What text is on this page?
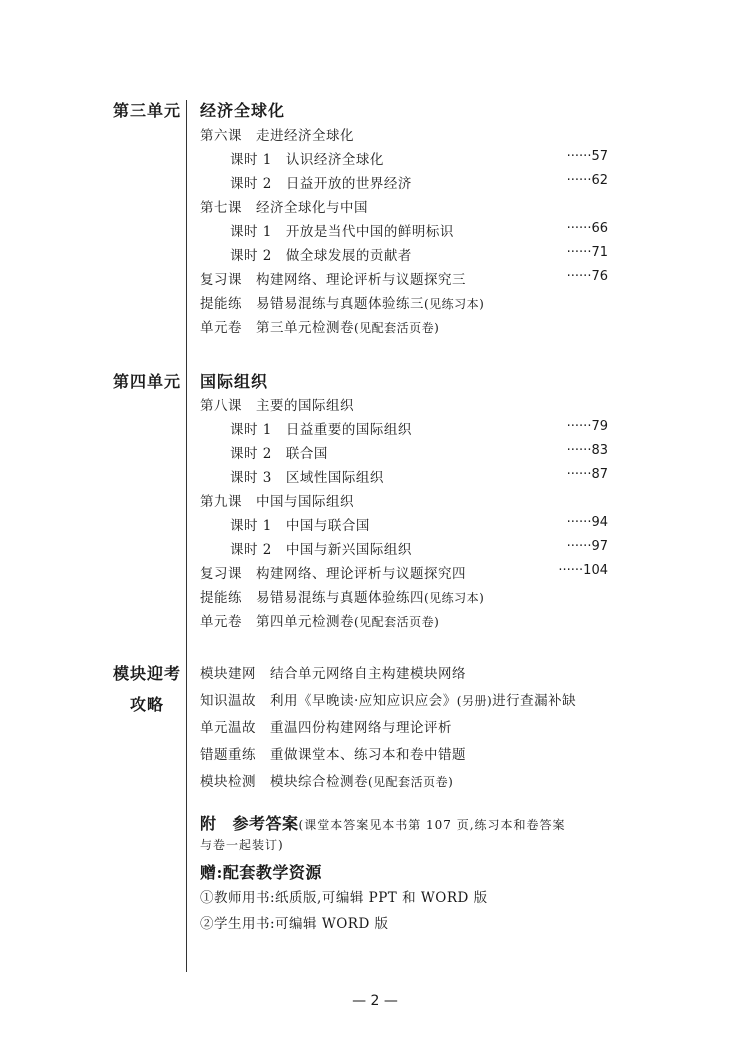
第三单元 经济全球化
第六课 走进经济全球化
课时 1 认识经济全球化	······57
课时 2 日益开放的世界经济	······62
第七课 经济全球化与中国
课时 1 开放是当代中国的鲜明标识	······66
课时 2 做全球发展的贡献者	······71
复习课 构建网络、理论评析与议题探究三	······76
提能练 易错易混练与真题体验练三(见练习本)
单元卷 第三单元检测卷(见配套活页卷)
第四单元 国际组织
第八课 主要的国际组织
课时 1 日益重要的国际组织	······79
课时 2 联合国	······83
课时 3 区域性国际组织	······87
第九课 中国与国际组织
课时 1 中国与联合国	······94
课时 2 中国与新兴国际组织	······97
复习课 构建网络、理论评析与议题探究四	······104
提能练 易错易混练与真题体验练四(见练习本)
单元卷 第四单元检测卷(见配套活页卷)
模块迎考
攻略
模块建网 结合单元网络自主构建模块网络
知识温故 利用《早晚读·应知应识应会》(另册)进行查漏补缺
单元温故 重温四份构建网络与理论评析
错题重练 重做课堂本、练习本和卷中错题
模块检测 模块综合检测卷(见配套活页卷)
附 参考答案(课堂本答案见本书第 107 页,练习本和卷答案
与卷一起装订)
赠:配套教学资源
①教师用书:纸质版,可编辑 PPT 和 WORD 版
②学生用书:可编辑 WORD 版
— 2 —
